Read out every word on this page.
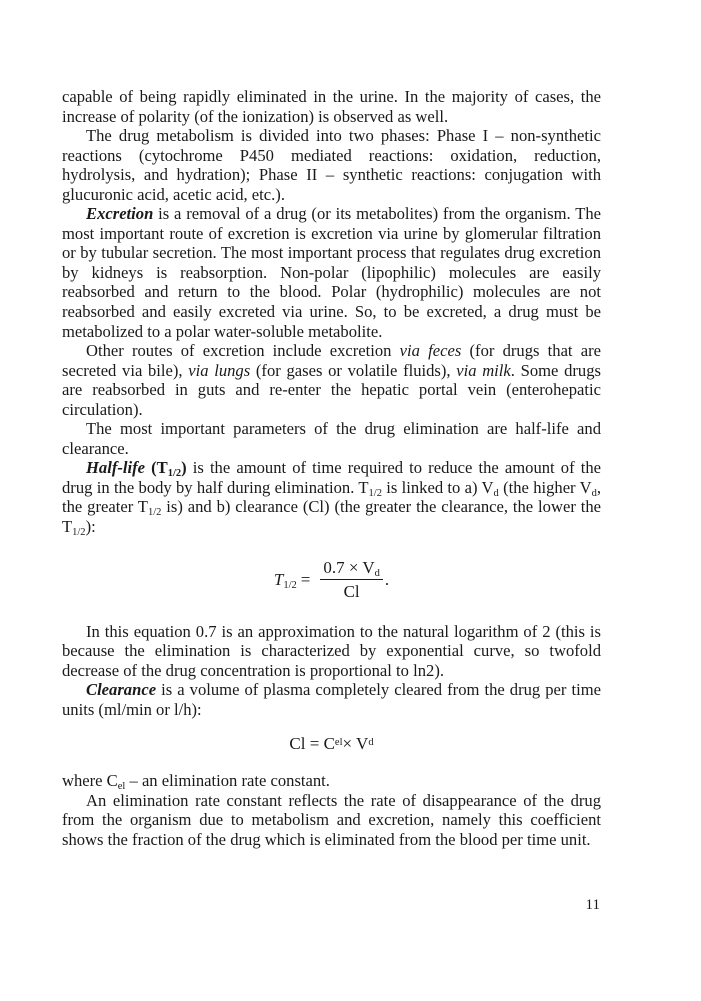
capable of being rapidly eliminated in the urine. In the majority of cases, the increase of polarity (of the ionization) is observed as well.

The drug metabolism is divided into two phases: Phase I – non-synthetic reactions (cytochrome P450 mediated reactions: oxidation, reduction, hydrolysis, and hydration); Phase II – synthetic reactions: conjugation with glucuronic acid, acetic acid, etc.).

Excretion is a removal of a drug (or its metabolites) from the organism. The most important route of excretion is excretion via urine by glomerular filtration or by tubular secretion. The most important process that regulates drug excretion by kidneys is reabsorption. Non-polar (lipophilic) molecules are easily reabsorbed and return to the blood. Polar (hydrophilic) molecules are not reabsorbed and easily excreted via urine. So, to be excreted, a drug must be metabolized to a polar water-soluble metabolite.

Other routes of excretion include excretion via feces (for drugs that are secreted via bile), via lungs (for gases or volatile fluids), via milk. Some drugs are reabsorbed in guts and re-enter the hepatic portal vein (enterohepatic circulation).

The most important parameters of the drug elimination are half-life and clearance.

Half-life $(T_{1/2})$ is the amount of time required to reduce the amount of the drug in the body by half during elimination. $T_{1/2}$ is linked to a) $V_d$ (the higher $V_d$, the greater $T_{1/2}$ is) and b) clearance (Cl) (the greater the clearance, the lower the $T_{1/2}$):

$T_{1/2} = \frac{0.7 \times V_d}{Cl}$ .

In this equation 0.7 is an approximation to the natural logarithm of 2 (this is because the elimination is characterized by exponential curve, so twofold decrease of the drug concentration is proportional to ln2).

Clearance is a volume of plasma completely cleared from the drug per time units (ml/min or l/h):

Cl = C el × V d

where $C_{el}$ – an elimination rate constant.

An elimination rate constant reflects the rate of disappearance of the drug from the organism due to metabolism and excretion, namely this coefficient shows the fraction of the drug which is eliminated from the blood per time unit.

11
